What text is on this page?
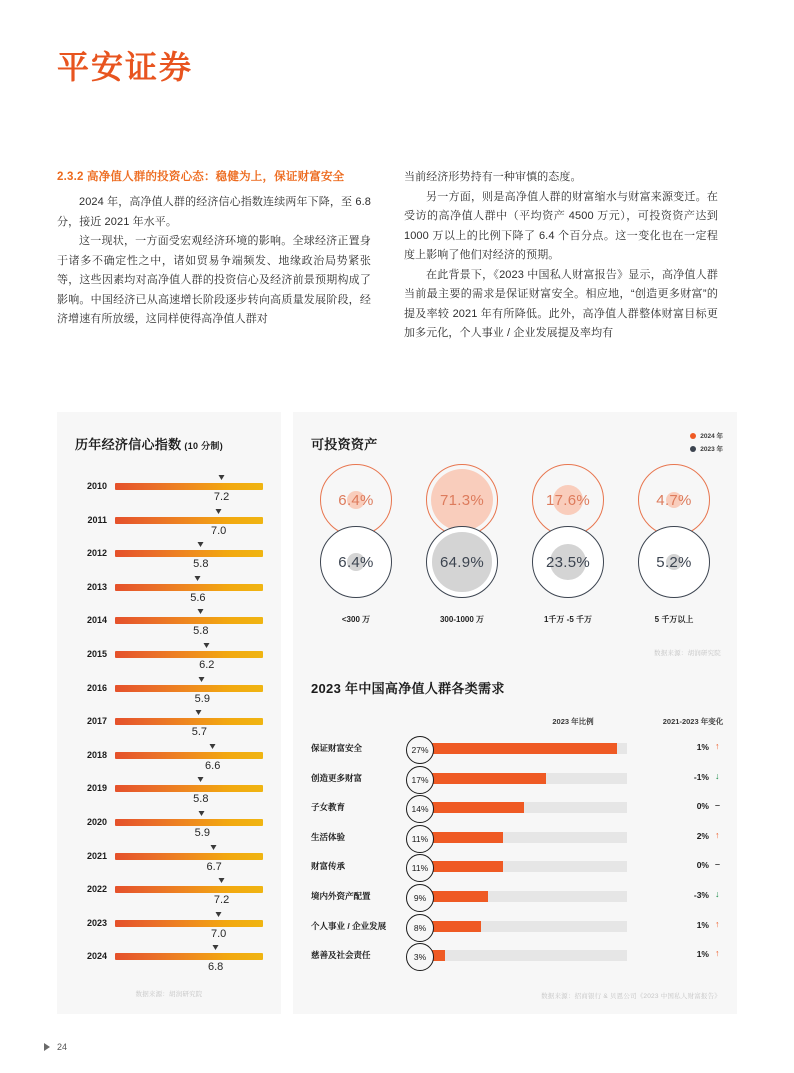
平安证券
2.3.2 高净值人群的投资心态：稳健为上，保证财富安全

2024 年，高净值人群的经济信心指数连续两年下降，至 6.8 分，接近 2021 年水平。

这一现状，一方面受宏观经济环境的影响。全球经济正置身于诸多不确定性之中，诸如贸易争端频发、地缘政治局势紧张等，这些因素均对高净值人群的投资信心及经济前景预期构成了影响。中国经济已从高速增长阶段逐步转向高质量发展阶段，经济增速有所放缓，这同样使得高净值人群对

当前经济形势持有一种审慎的态度。

另一方面，则是高净值人群的财富缩水与财富来源变迁。在受访的高净值人群中（平均资产 4500 万元），可投资资产达到 1000 万以上的比例下降了 6.4 个百分点。这一变化也在一定程度上影响了他们对经济的预期。

在此背景下，《2023 中国私人财富报告》显示，高净值人群当前最主要的需求是保证财富安全。相应地，“创造更多财富”的提及率较 2021 年有所降低。此外，高净值人群整体财富目标更加多元化，个人事业 / 企业发展提及率均有

历年经济信心指数 (10 分制)
2010
7.2
2011
7.0
2012
5.8
2013
5.6
2014
5.8
2015
6.2
2016
5.9
2017
5.7
2018
6.6
2019
5.8
2020
5.9
2021
6.7
2022
7.2
2023
7.0
2024
6.8
数据来源：胡润研究院
可投资资产
2024 年
2023 年
6.4%
6.4%
<300 万
71.3%
64.9%
300-1000 万
17.6%
23.5%
1千万 -5 千万
4.7%
5.2%
5 千万以上
数据来源：胡润研究院
2023 年中国高净值人群各类需求
2023 年比例	2021-2023 年变化
保证财富安全	27%	1% ↑
创造更多财富	17%	-1% ↓
子女教育	14%	0% –
生活体验	11%	2% ↑
财富传承	11%	0% –
境内外资产配置	9%	-3% ↓
个人事业 / 企业发展	8%	1% ↑
慈善及社会责任	3%	1% ↑
数据来源：招商银行 & 贝恩公司《2023 中国私人财富报告》
24
